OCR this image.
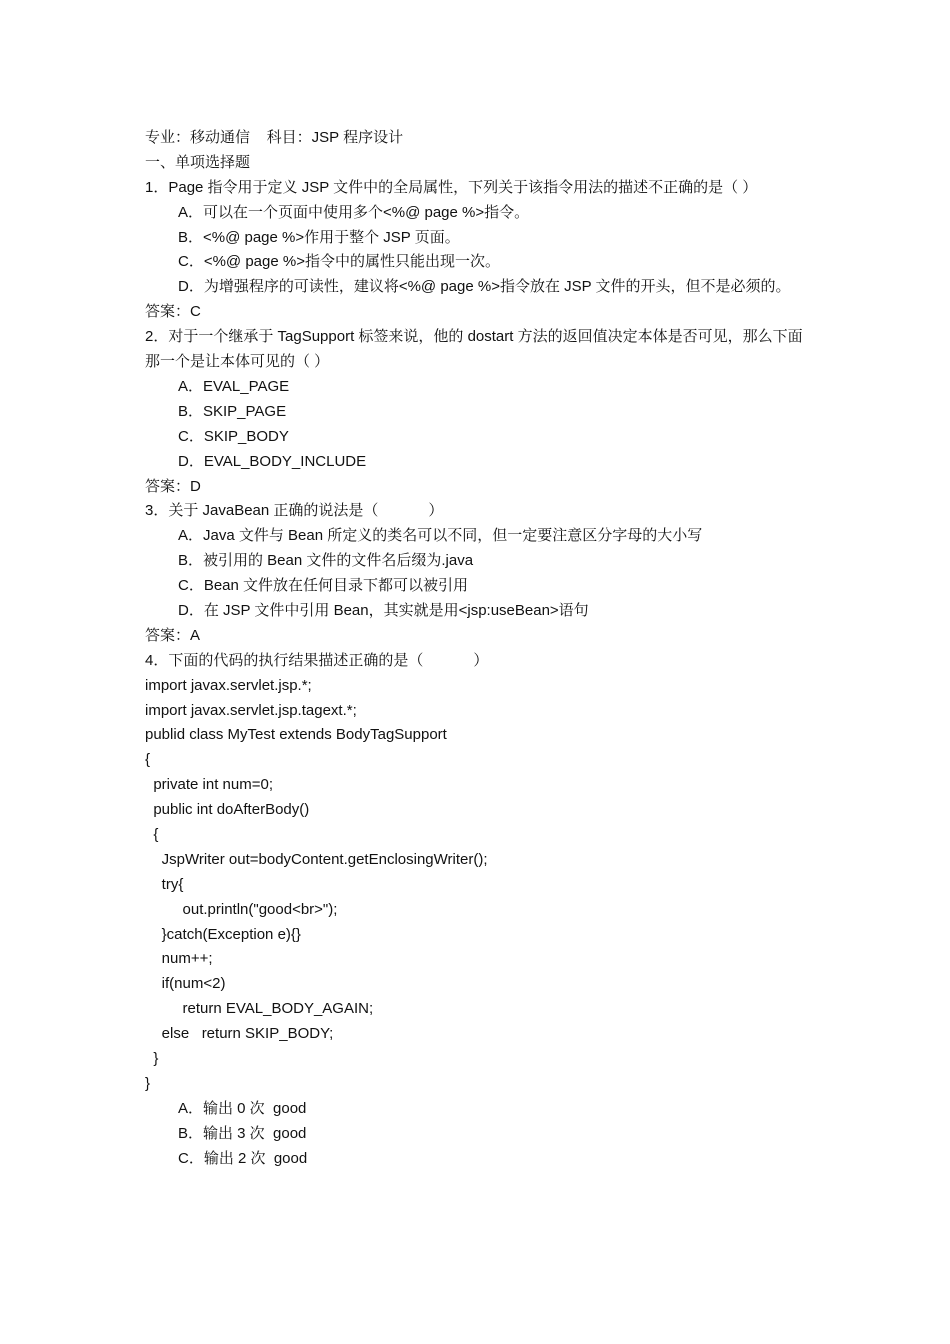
专业：移动通信    科目：JSP 程序设计
一、单项选择题
1．Page 指令用于定义 JSP 文件中的全局属性，下列关于该指令用法的描述不正确的是（ ）
A．可以在一个页面中使用多个<%@ page %>指令。
B．<%@ page %>作用于整个 JSP 页面。
C．<%@ page %>指令中的属性只能出现一次。
D．为增强程序的可读性，建议将<%@ page %>指令放在 JSP 文件的开头，但不是必须的。
答案：C
2．对于一个继承于 TagSupport 标签来说，他的 dostart 方法的返回值决定本体是否可见，那么下面那一个是让本体可见的（ ）
A．EVAL_PAGE
B．SKIP_PAGE
C．SKIP_BODY
D．EVAL_BODY_INCLUDE
答案：D
3．关于 JavaBean 正确的说法是（            ）
A．Java 文件与 Bean 所定义的类名可以不同，但一定要注意区分字母的大小写
B．被引用的 Bean 文件的文件名后缀为.java
C．Bean 文件放在任何目录下都可以被引用
D．在 JSP 文件中引用 Bean，其实就是用<jsp:useBean>语句
答案：A
4．下面的代码的执行结果描述正确的是（            ）
import javax.servlet.jsp.*;
import javax.servlet.jsp.tagext.*;
publid class MyTest extends BodyTagSupport
{
private int num=0;
public int doAfterBody()
{
JspWriter out=bodyContent.getEnclosingWriter();
try{
out.println("good<br>");
}catch(Exception e){}
num++;
if(num<2)
return EVAL_BODY_AGAIN;
else   return SKIP_BODY;
}
}
A．输出 0 次  good
B．输出 3 次  good
C．输出 2 次  good
